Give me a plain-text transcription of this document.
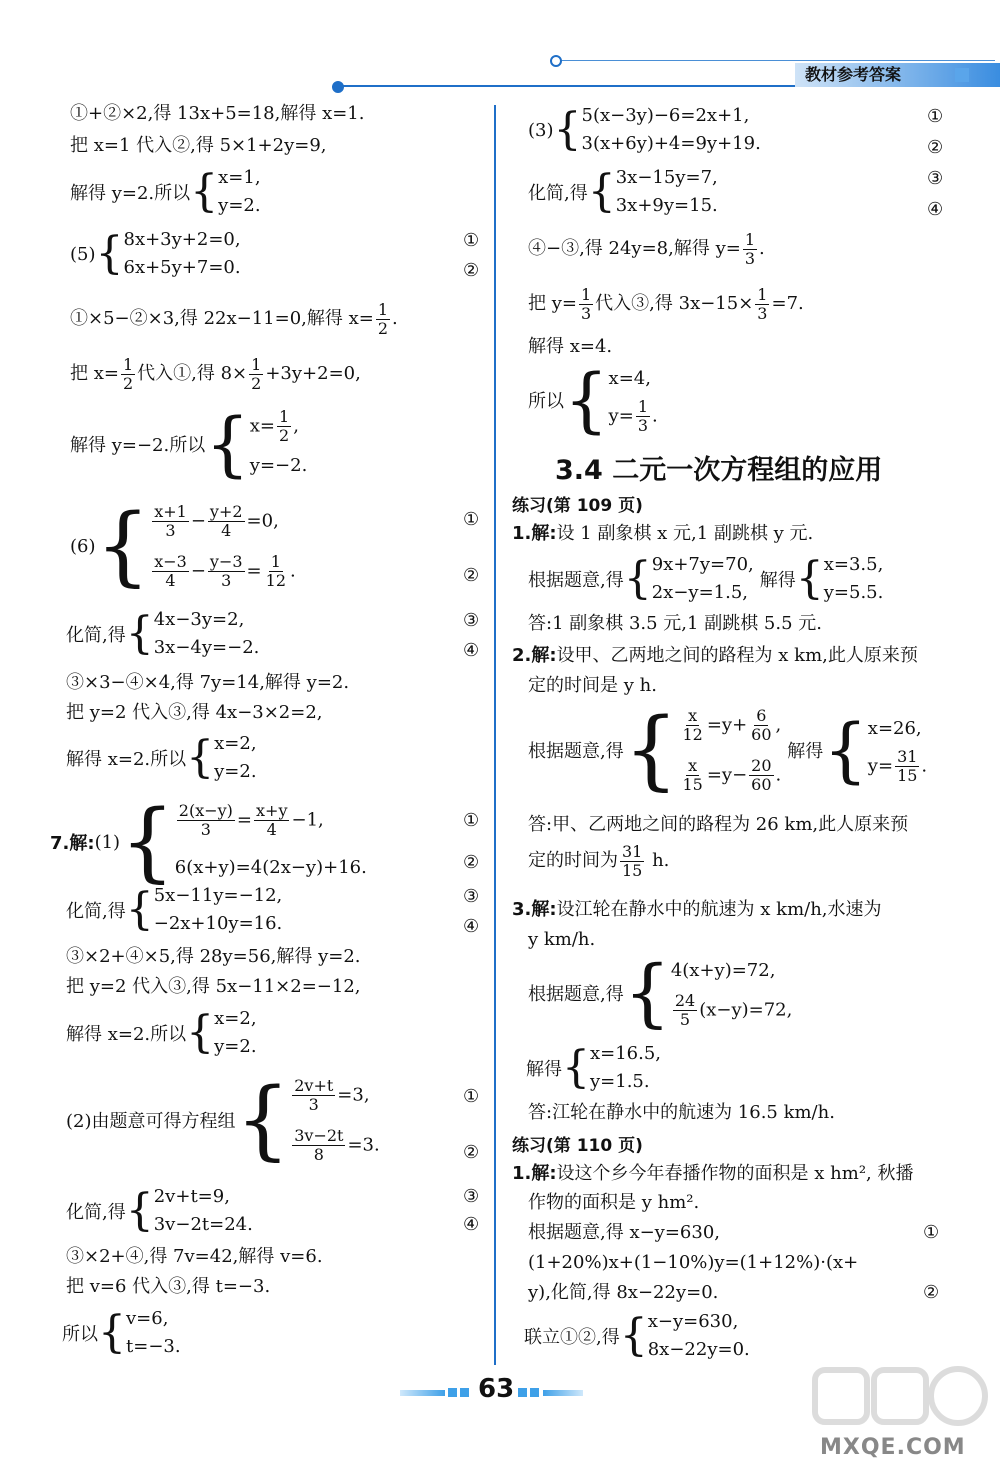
教材参考答案
①+②×2,得 13x+5=18,解得 x=1.
把 x=1 代入②,得 5×1+2y=9,
解得 y=2.所以 { x=1,
y=2.
(5) { 8x+3y+2=0,
6x+5y+7=0.
①
②
①×5−②×3,得 22x−11=0,解得 $x= \frac{1}{2}$ .
把 $x= \frac{1}{2}$ 代入①,得 $8\times \frac{1}{2} +3y+2=0$,
解得 y=−2.所以 { $x= \frac{1}{2}$ ,
y=−2.
(6) { $\frac{x+1}{3} - \frac{y+2}{4} =0$,
$\frac{x-3}{4} - \frac{y-3}{3} = \frac{1}{12}$ .
①
②
化简,得 { 4x−3y=2,
3x−4y=−2.
③
④
③×3−④×4,得 7y=14,解得 y=2.
把 y=2 代入③,得 4x−3×2=2,
解得 x=2.所以 { x=2,
y=2.
7.解: (1) { $\frac{2(x-y)}{3} = \frac{x+y}{4} -1$,
6(x+y)=4(2x−y)+16.
①
②
化简,得 { 5x−11y=−12,
−2x+10y=16.
③
④
③×2+④×5,得 28y=56,解得 y=2.
把 y=2 代入③,得 5x−11×2=−12,
解得 x=2.所以 { x=2,
y=2.
(2)由题意可得方程组 { $\frac{2v+t}{3} =3$,
$\frac{3v-2t}{8} =3$.
①
②
化简,得 { 2v+t=9,
3v−2t=24.
③
④
③×2+④,得 7v=42,解得 v=6.
把 v=6 代入③,得 t=−3.
所以 { v=6,
t=−3.
(3) { 5(x−3y)−6=2x+1,
3(x+6y)+4=9y+19.
①
②
化简,得 { 3x−15y=7,
3x+9y=15.
③
④
④−③,得 24y=8,解得 $y= \frac{1}{3}$ .
把 $y= \frac{1}{3}$ 代入③,得 $3x-15\times \frac{1}{3} =7$.
解得 x=4.
所以 { x=4,
$y= \frac{1}{3}$ .
3.4 二元一次方程组的应用
练习(第 109 页)
1.解:设 1 副象棋 x 元,1 副跳棋 y 元.
根据题意,得 { 9x+7y=70,
2x−y=1.5,
解得 { x=3.5,
y=5.5.
答:1 副象棋 3.5 元,1 副跳棋 5.5 元.
2.解:设甲、乙两地之间的路程为 x km,此人原来预
定的时间是 y h.
根据题意,得 { $\frac{x}{12} =y+ \frac{6}{60}$ ,
$\frac{x}{15} =y- \frac{20}{60}$ .
解得 { x=26,
$y= \frac{31}{15}$ .
答:甲、乙两地之间的路程为 26 km,此人原来预
定的时间为 $\frac{31}{15} h$.
3.解:设江轮在静水中的航速为 x km/h,水速为
y km/h.
根据题意,得 { 4(x+y)=72,
$\frac{24}{5} (x-y)=72$,
解得 { x=16.5,
y=1.5.
答:江轮在静水中的航速为 16.5 km/h.
练习(第 110 页)
1.解:设这个乡今年春播作物的面积是 x hm², 秋播
作物的面积是 y hm².
根据题意,得 x−y=630,	①
(1+20%)x+(1−10%)y=(1+12%)·(x+
y),化简,得 8x−22y=0.	②
联立①②,得 { x−y=630,
8x−22y=0.
63
MXQE.COM
